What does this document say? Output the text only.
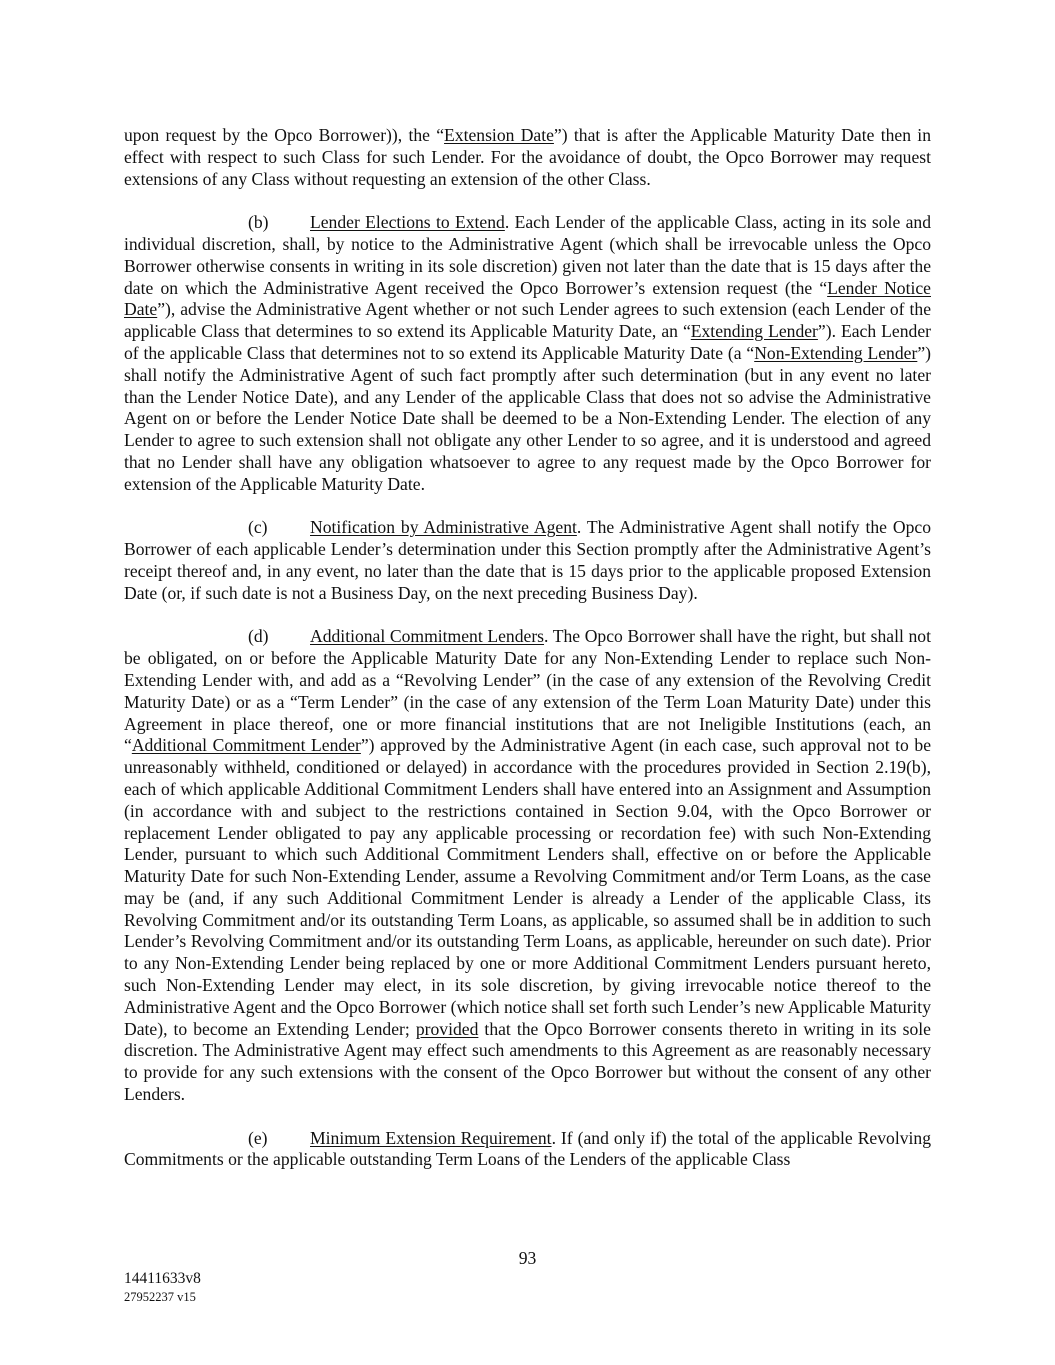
upon request by the Opco Borrower)), the “Extension Date”) that is after the Applicable Maturity Date then in effect with respect to such Class for such Lender. For the avoidance of doubt, the Opco Borrower may request extensions of any Class without requesting an extension of the other Class.

(b) Lender Elections to Extend. Each Lender of the applicable Class, acting in its sole and individual discretion, shall, by notice to the Administrative Agent (which shall be irrevocable unless the Opco Borrower otherwise consents in writing in its sole discretion) given not later than the date that is 15 days after the date on which the Administrative Agent received the Opco Borrower’s extension request (the “Lender Notice Date”), advise the Administrative Agent whether or not such Lender agrees to such extension (each Lender of the applicable Class that determines to so extend its Applicable Maturity Date, an “Extending Lender”). Each Lender of the applicable Class that determines not to so extend its Applicable Maturity Date (a “Non-Extending Lender”) shall notify the Administrative Agent of such fact promptly after such determination (but in any event no later than the Lender Notice Date), and any Lender of the applicable Class that does not so advise the Administrative Agent on or before the Lender Notice Date shall be deemed to be a Non-Extending Lender. The election of any Lender to agree to such extension shall not obligate any other Lender to so agree, and it is understood and agreed that no Lender shall have any obligation whatsoever to agree to any request made by the Opco Borrower for extension of the Applicable Maturity Date.

(c) Notification by Administrative Agent. The Administrative Agent shall notify the Opco Borrower of each applicable Lender’s determination under this Section promptly after the Administrative Agent’s receipt thereof and, in any event, no later than the date that is 15 days prior to the applicable proposed Extension Date (or, if such date is not a Business Day, on the next preceding Business Day).

(d) Additional Commitment Lenders. The Opco Borrower shall have the right, but shall not be obligated, on or before the Applicable Maturity Date for any Non-Extending Lender to replace such Non-Extending Lender with, and add as a “Revolving Lender” (in the case of any extension of the Revolving Credit Maturity Date) or as a “Term Lender” (in the case of any extension of the Term Loan Maturity Date) under this Agreement in place thereof, one or more financial institutions that are not Ineligible Institutions (each, an “Additional Commitment Lender”) approved by the Administrative Agent (in each case, such approval not to be unreasonably withheld, conditioned or delayed) in accordance with the procedures provided in Section 2.19(b), each of which applicable Additional Commitment Lenders shall have entered into an Assignment and Assumption (in accordance with and subject to the restrictions contained in Section 9.04, with the Opco Borrower or replacement Lender obligated to pay any applicable processing or recordation fee) with such Non-Extending Lender, pursuant to which such Additional Commitment Lenders shall, effective on or before the Applicable Maturity Date for such Non-Extending Lender, assume a Revolving Commitment and/or Term Loans, as the case may be (and, if any such Additional Commitment Lender is already a Lender of the applicable Class, its Revolving Commitment and/or its outstanding Term Loans, as applicable, so assumed shall be in addition to such Lender’s Revolving Commitment and/or its outstanding Term Loans, as applicable, hereunder on such date). Prior to any Non-Extending Lender being replaced by one or more Additional Commitment Lenders pursuant hereto, such Non-Extending Lender may elect, in its sole discretion, by giving irrevocable notice thereof to the Administrative Agent and the Opco Borrower (which notice shall set forth such Lender’s new Applicable Maturity Date), to become an Extending Lender; provided that the Opco Borrower consents thereto in writing in its sole discretion. The Administrative Agent may effect such amendments to this Agreement as are reasonably necessary to provide for any such extensions with the consent of the Opco Borrower but without the consent of any other Lenders.

(e) Minimum Extension Requirement. If (and only if) the total of the applicable Revolving Commitments or the applicable outstanding Term Loans of the Lenders of the applicable Class

93
14411633v8
27952237 v15
